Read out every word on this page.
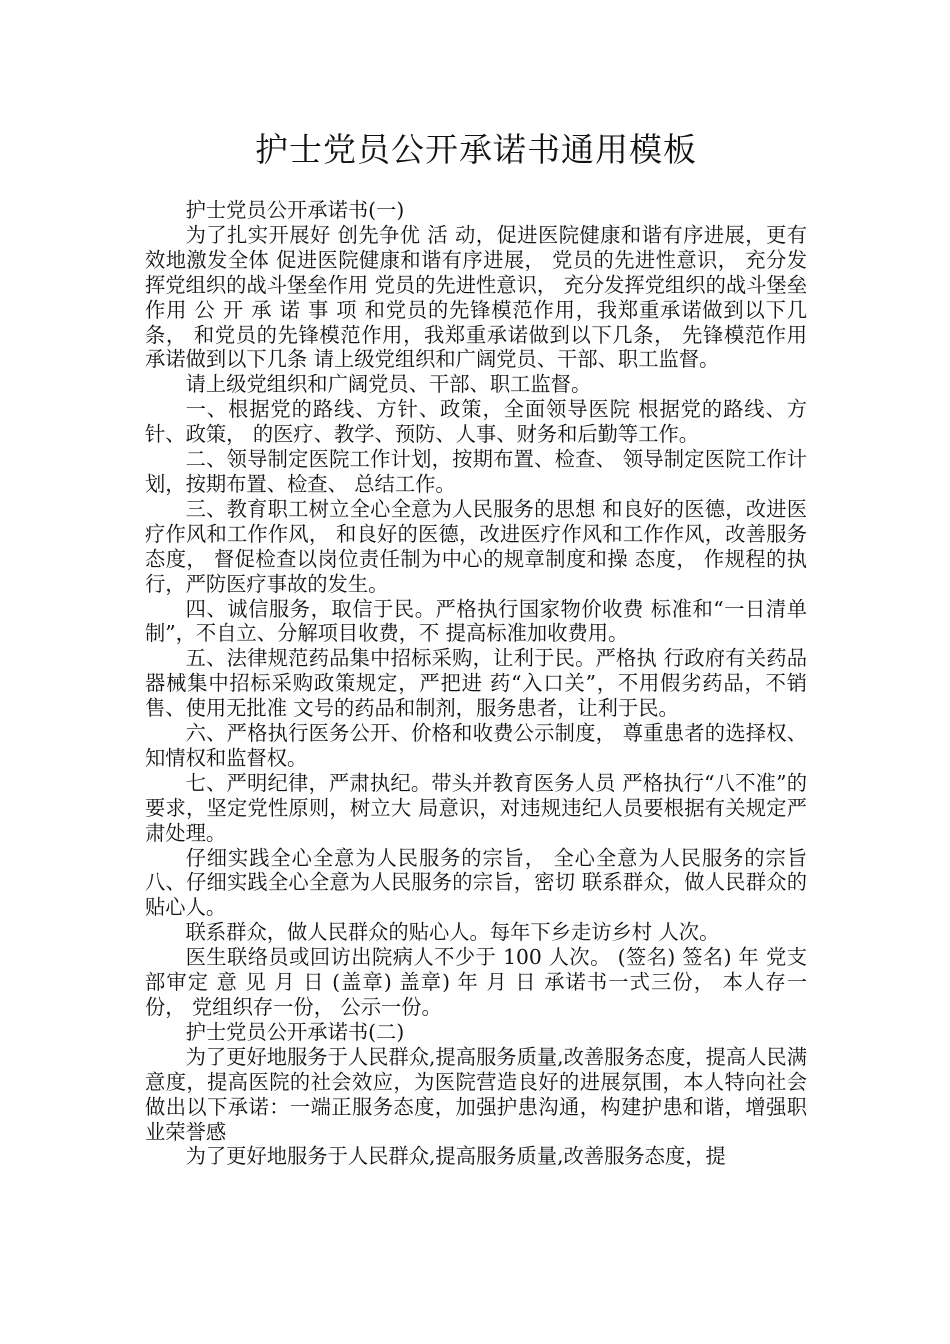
护士党员公开承诺书通用模板

护士党员公开承诺书(一)

为了扎实开展好 创先争优 活 动，促进医院健康和谐有序进展，更有效地激发全体 促进医院健康和谐有序进展， 党员的先进性意识， 充分发挥党组织的战斗堡垒作用 党员的先进性意识， 充分发挥党组织的战斗堡垒作用 公 开 承 诺 事 项 和党员的先锋模范作用，我郑重承诺做到以下几条， 和党员的先锋模范作用，我郑重承诺做到以下几条， 先锋模范作用 承诺做到以下几条 请上级党组织和广阔党员、干部、职工监督。

请上级党组织和广阔党员、干部、职工监督。

一、根据党的路线、方针、政策，全面领导医院 根据党的路线、方针、政策， 的医疗、教学、预防、人事、财务和后勤等工作。

二、领导制定医院工作计划，按期布置、检查、 领导制定医院工作计划，按期布置、检查、 总结工作。

三、教育职工树立全心全意为人民服务的思想 和良好的医德，改进医疗作风和工作作风， 和良好的医德，改进医疗作风和工作作风，改善服务 态度， 督促检查以岗位责任制为中心的规章制度和操 态度， 作规程的执行，严防医疗事故的发生。

四、诚信服务，取信于民。严格执行国家物价收费 标准和“一日清单制”，不自立、分解项目收费，不 提高标准加收费用。

五、法律规范药品集中招标采购，让利于民。严格执 行政府有关药品器械集中招标采购政策规定，严把进 药“入口关”，不用假劣药品，不销售、使用无批准 文号的药品和制剂，服务患者，让利于民。

六、严格执行医务公开、价格和收费公示制度， 尊重患者的选择权、知情权和监督权。

七、严明纪律，严肃执纪。带头并教育医务人员 严格执行“八不准”的要求，坚定党性原则，树立大 局意识，对违规违纪人员要根据有关规定严肃处理。

仔细实践全心全意为人民服务的宗旨， 全心全意为人民服务的宗旨 八、仔细实践全心全意为人民服务的宗旨，密切 联系群众，做人民群众的贴心人。

联系群众，做人民群众的贴心人。每年下乡走访乡村 人次。

医生联络员或回访出院病人不少于 100 人次。 (签名) 签名) 年 党支部审定 意 见 月 日 (盖章) 盖章) 年 月 日 承诺书一式三份， 本人存一份， 党组织存一份， 公示一份。

护士党员公开承诺书(二)

为了更好地服务于人民群众,提高服务质量,改善服务态度，提高人民满意度，提高医院的社会效应，为医院营造良好的进展氛围，本人特向社会做出以下承诺：一端正服务态度，加强护患沟通，构建护患和谐，增强职业荣誉感

为了更好地服务于人民群众,提高服务质量,改善服务态度，提
